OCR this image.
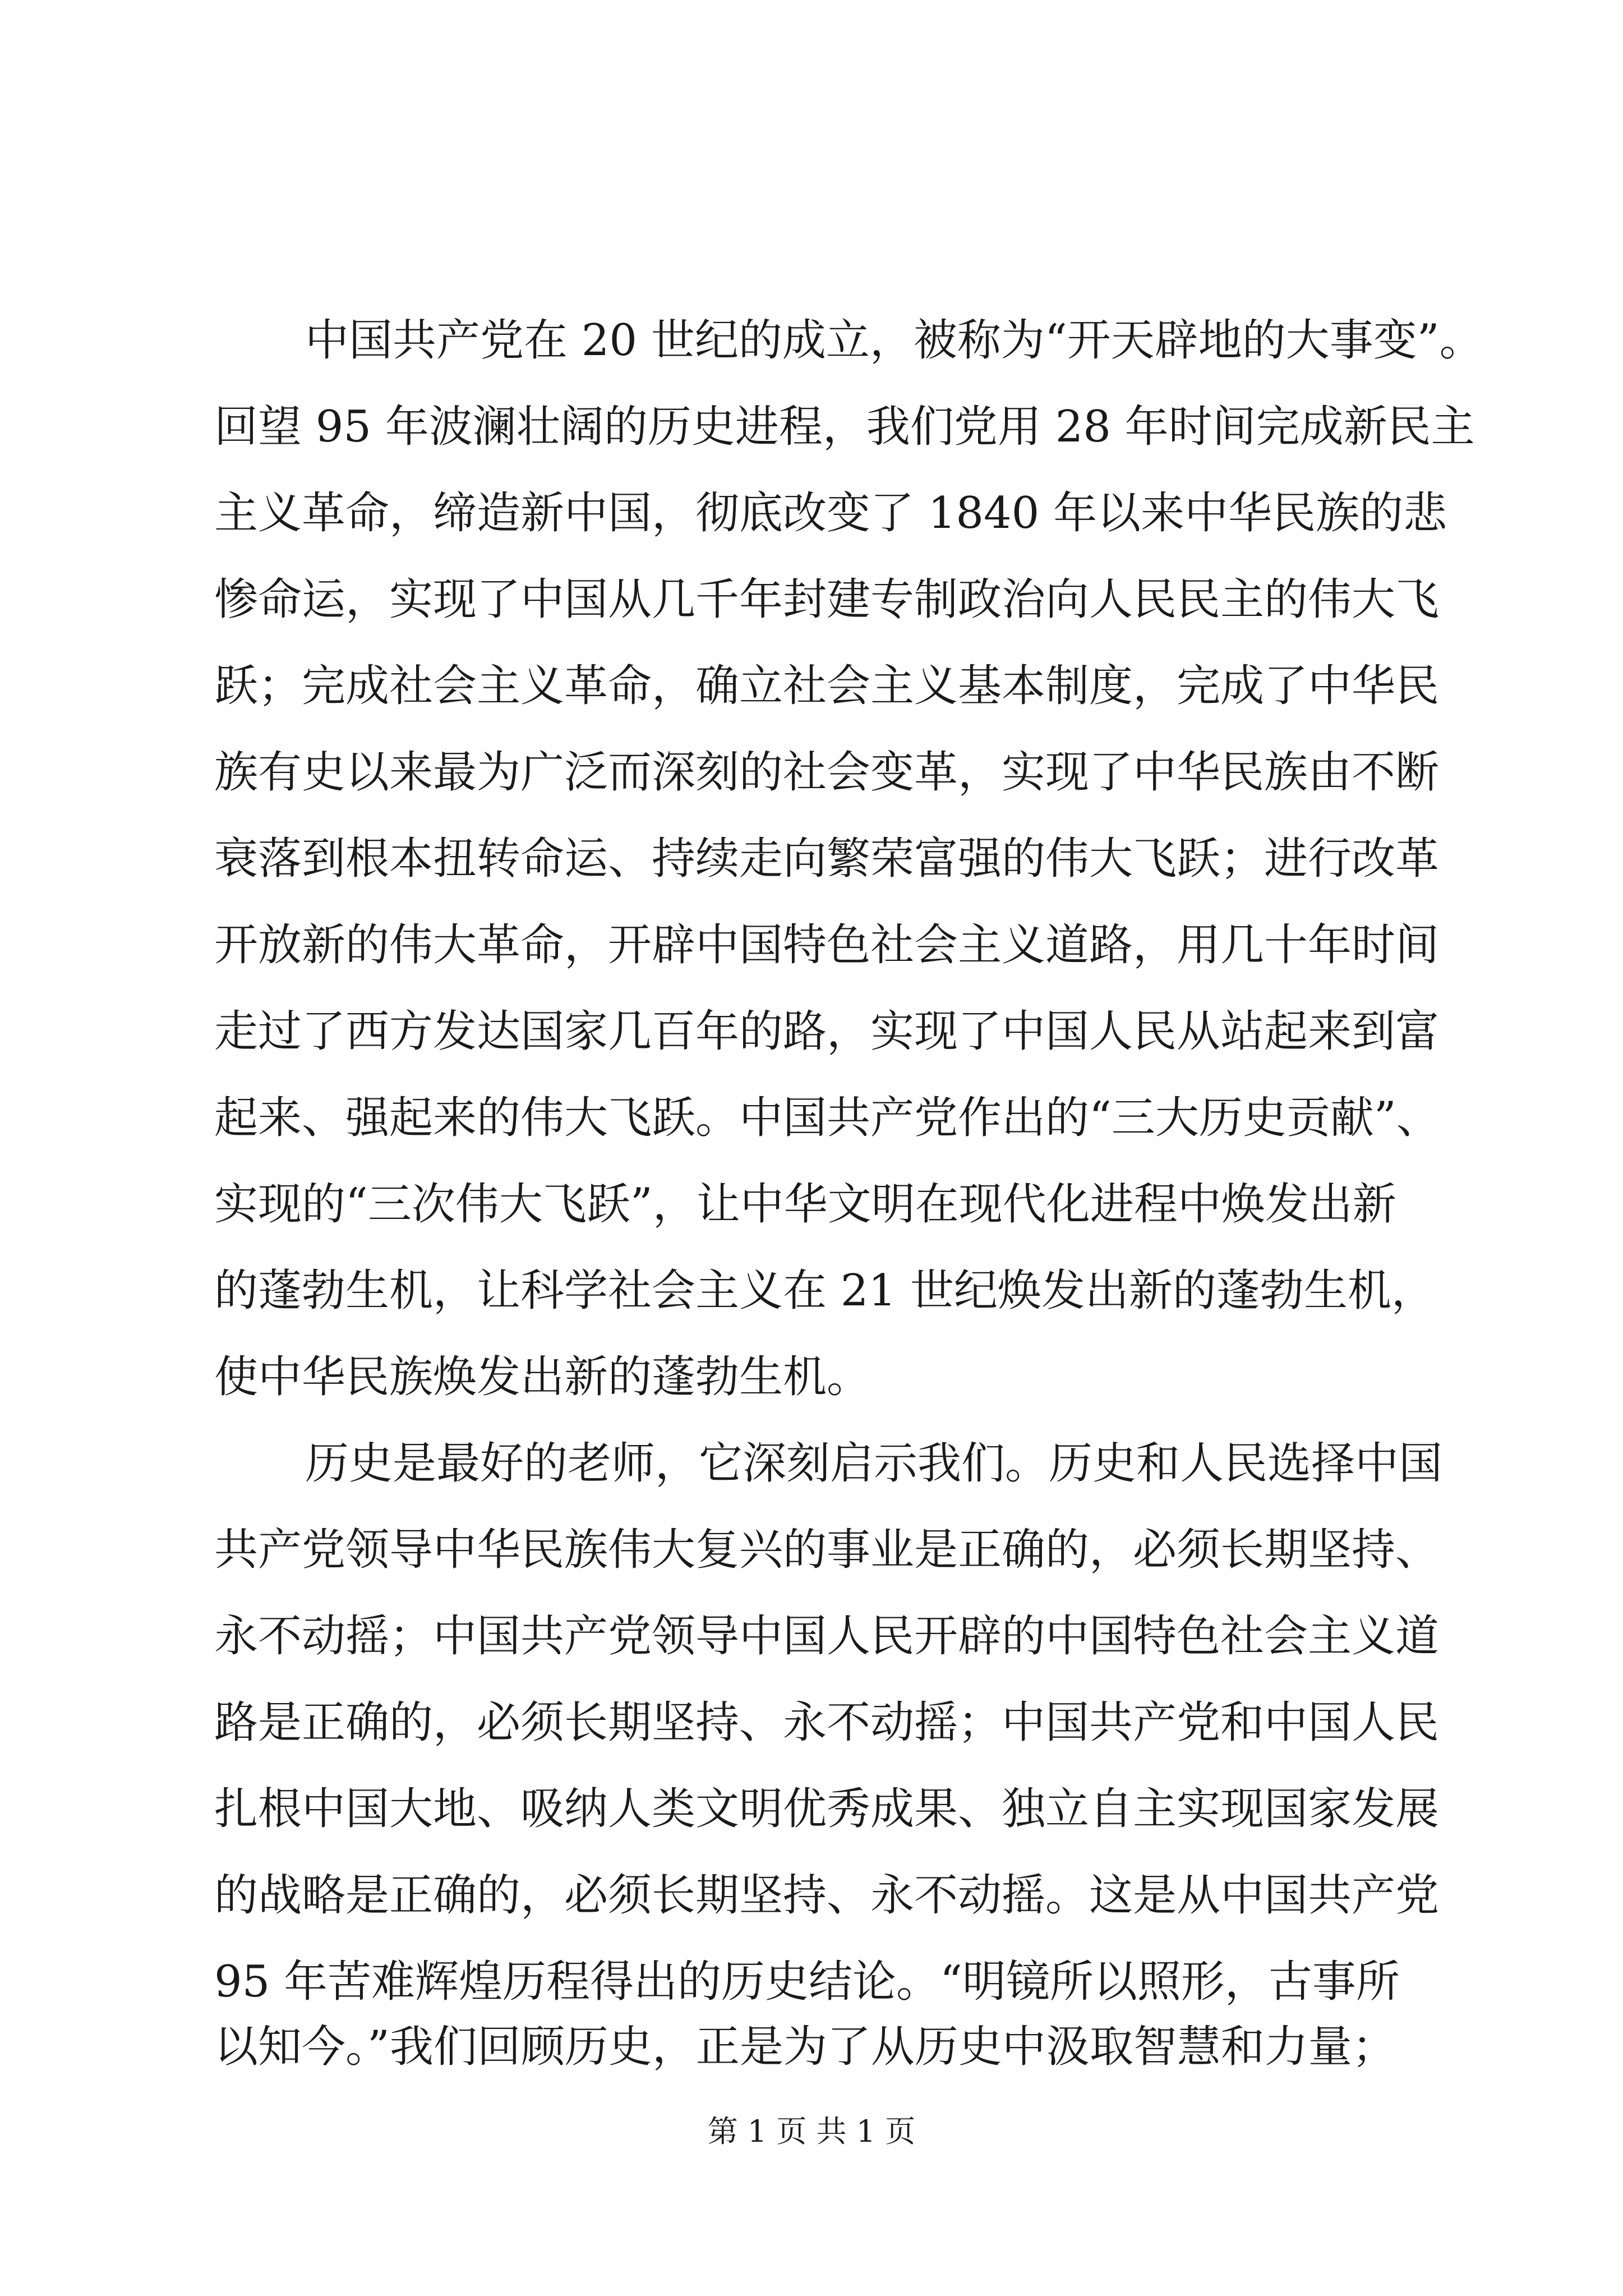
中国共产党在 20 世纪的成立，被称为“开天辟地的大事变”。
回望 95 年波澜壮阔的历史进程，我们党用 28 年时间完成新民主
主义革命，缔造新中国，彻底改变了 1840 年以来中华民族的悲
惨命运，实现了中国从几千年封建专制政治向人民民主的伟大飞
跃；完成社会主义革命，确立社会主义基本制度，完成了中华民
族有史以来最为广泛而深刻的社会变革，实现了中华民族由不断
衰落到根本扭转命运、持续走向繁荣富强的伟大飞跃；进行改革
开放新的伟大革命，开辟中国特色社会主义道路，用几十年时间
走过了西方发达国家几百年的路，实现了中国人民从站起来到富
起来、强起来的伟大飞跃。中国共产党作出的“三大历史贡献”、
实现的“三次伟大飞跃”，让中华文明在现代化进程中焕发出新
的蓬勃生机，让科学社会主义在 21 世纪焕发出新的蓬勃生机，
使中华民族焕发出新的蓬勃生机。
历史是最好的老师，它深刻启示我们。历史和人民选择中国
共产党领导中华民族伟大复兴的事业是正确的，必须长期坚持、
永不动摇；中国共产党领导中国人民开辟的中国特色社会主义道
路是正确的，必须长期坚持、永不动摇；中国共产党和中国人民
扎根中国大地、吸纳人类文明优秀成果、独立自主实现国家发展
的战略是正确的，必须长期坚持、永不动摇。这是从中国共产党
95 年苦难辉煌历程得出的历史结论。“明镜所以照形，古事所
以知今。”我们回顾历史，正是为了从历史中汲取智慧和力量；
第 1 页 共 1 页
